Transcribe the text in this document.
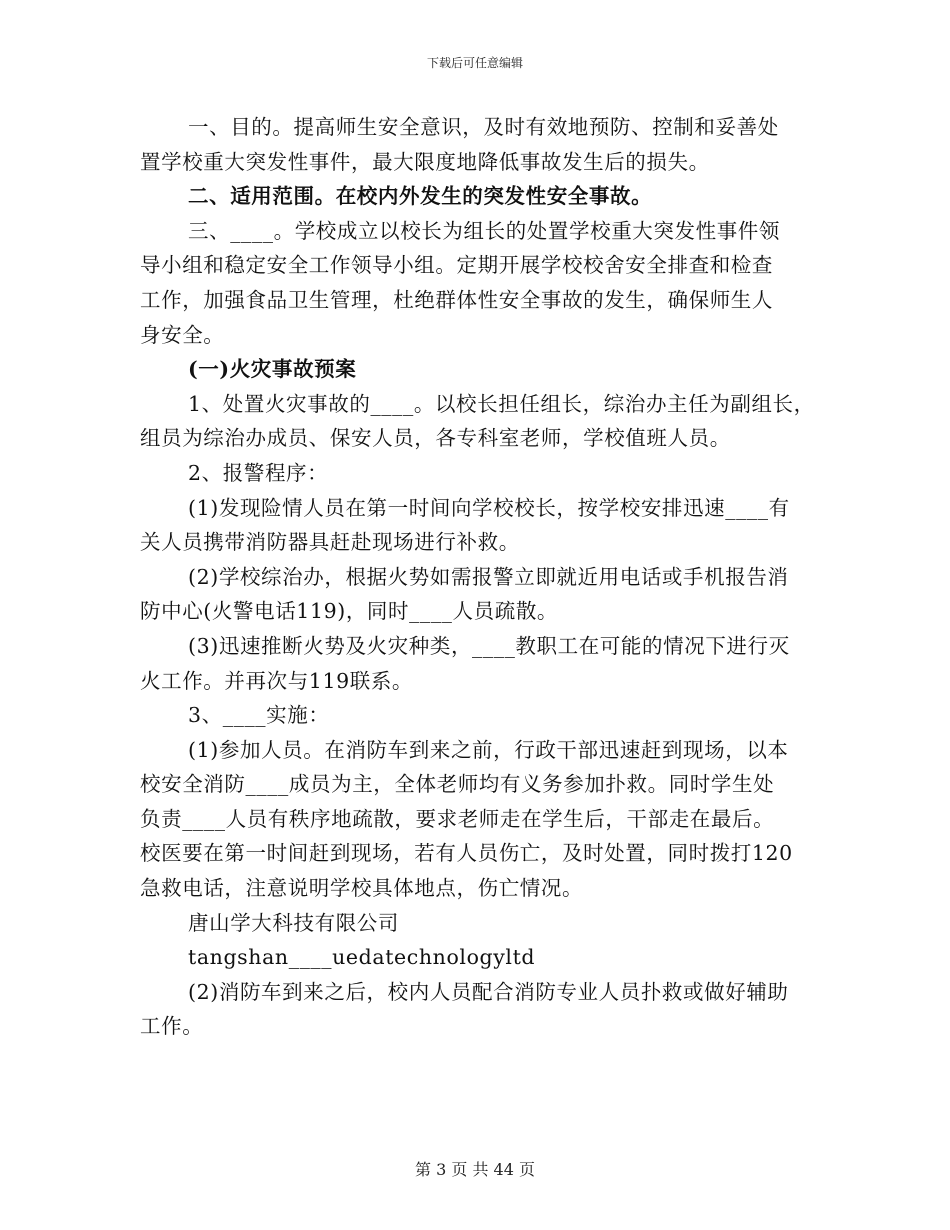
下载后可任意编辑
一、目的。提高师生安全意识，及时有效地预防、控制和妥善处
置学校重大突发性事件，最大限度地降低事故发生后的损失。
二、适用范围。在校内外发生的突发性安全事故。
三、____。学校成立以校长为组长的处置学校重大突发性事件领
导小组和稳定安全工作领导小组。定期开展学校校舍安全排查和检查
工作，加强食品卫生管理，杜绝群体性安全事故的发生，确保师生人
身安全。
(一)火灾事故预案
1、处置火灾事故的____。以校长担任组长，综治办主任为副组长，
组员为综治办成员、保安人员，各专科室老师，学校值班人员。
2、报警程序：
(1)发现险情人员在第一时间向学校校长，按学校安排迅速____有
关人员携带消防器具赶赴现场进行补救。
(2)学校综治办，根据火势如需报警立即就近用电话或手机报告消
防中心(火警电话119)，同时____人员疏散。
(3)迅速推断火势及火灾种类，____教职工在可能的情况下进行灭
火工作。并再次与119联系。
3、____实施：
(1)参加人员。在消防车到来之前，行政干部迅速赶到现场，以本
校安全消防____成员为主，全体老师均有义务参加扑救。同时学生处
负责____人员有秩序地疏散，要求老师走在学生后，干部走在最后。
校医要在第一时间赶到现场，若有人员伤亡，及时处置，同时拨打120
急救电话，注意说明学校具体地点，伤亡情况。
唐山学大科技有限公司
tangshan____uedatechnologyltd
(2)消防车到来之后，校内人员配合消防专业人员扑救或做好辅助
工作。
第 3 页 共 44 页
